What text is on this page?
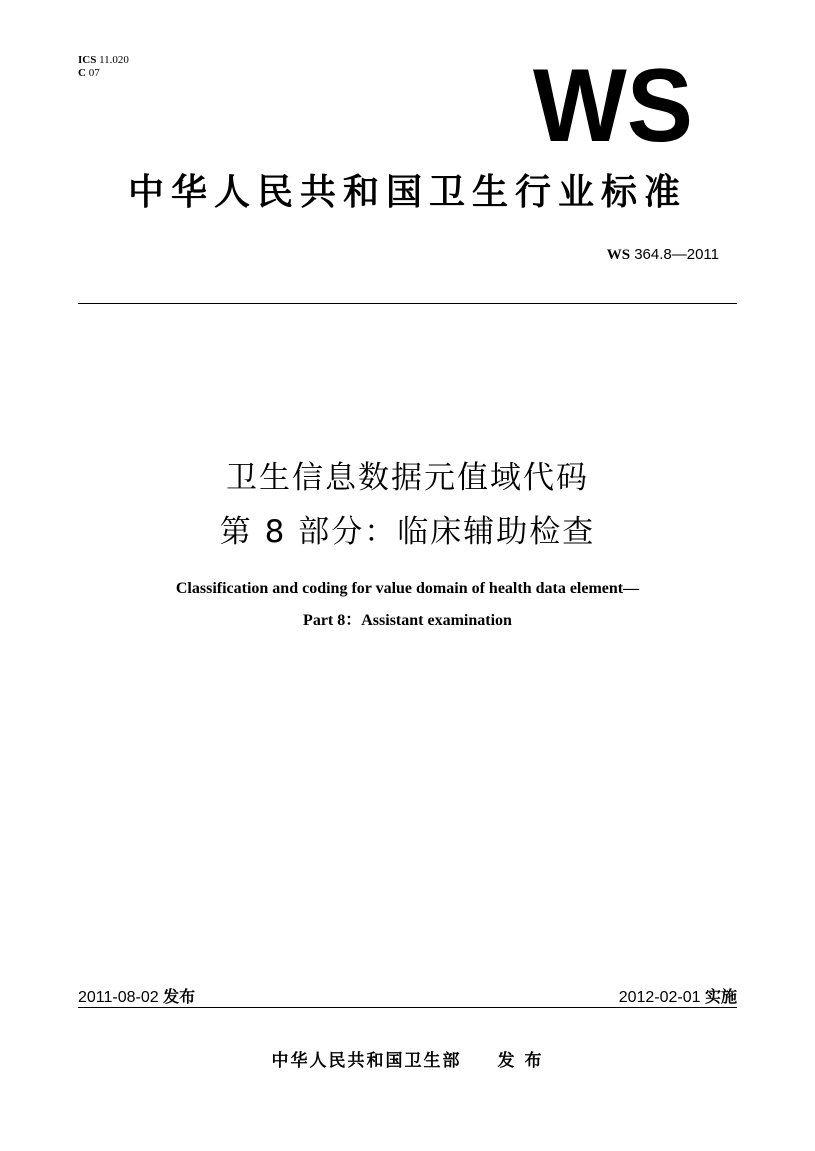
ICS 11.020
C 07	WS
中华人民共和国卫生行业标准
WS 364.8—2011
卫生信息数据元值域代码
第 8 部分：临床辅助检查
Classification and coding for value domain of health data element—
Part 8：Assistant examination
2011-08-02 发布	2012-02-01 实施
中华人民共和国卫生部 发 布
